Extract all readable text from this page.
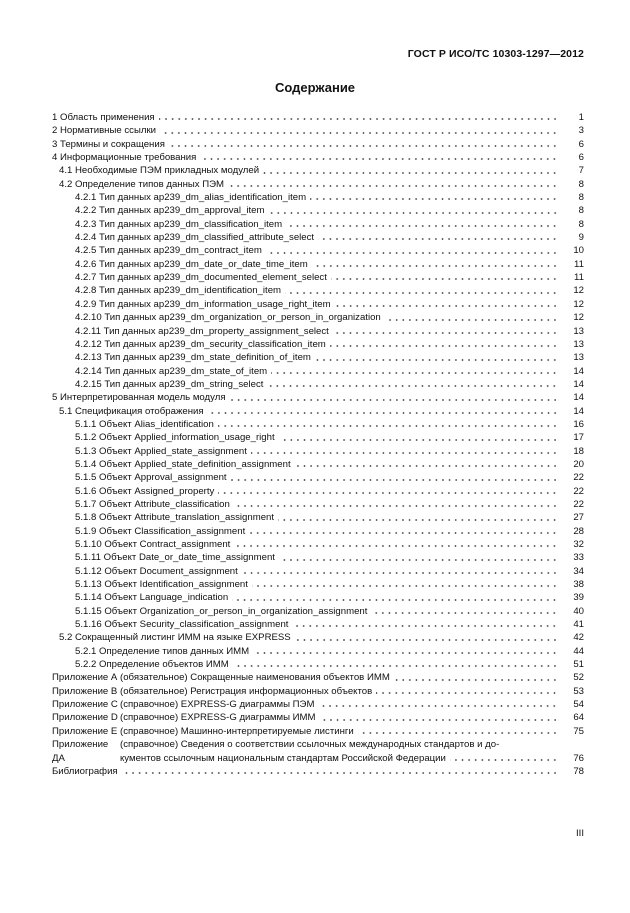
ГОСТ Р ИСО/ТС 10303-1297—2012
Содержание
1 Область применения	1
2 Нормативные ссылки	3
3 Термины и сокращения	6
4 Информационные требования	6
4.1 Необходимые ПЭМ прикладных модулей	7
4.2 Определение типов данных ПЭМ	8
4.2.1 Тип данных ap239_dm_alias_identification_item	8
4.2.2 Тип данных ap239_dm_approval_item	8
4.2.3 Тип данных ap239_dm_classification_item	8
4.2.4 Тип данных ap239_dm_classified_attribute_select	9
4.2.5 Тип данных ap239_dm_contract_item	10
4.2.6 Тип данных ap239_dm_date_or_date_time_item	11
4.2.7 Тип данных ap239_dm_documented_element_select	11
4.2.8 Тип данных ap239_dm_identification_item	12
4.2.9 Тип данных ap239_dm_information_usage_right_item	12
4.2.10 Тип данных ap239_dm_organization_or_person_in_organization	12
4.2.11 Тип данных ap239_dm_property_assignment_select	13
4.2.12 Тип данных ap239_dm_security_classification_item	13
4.2.13 Тип данных ap239_dm_state_definition_of_item	13
4.2.14 Тип данных ap239_dm_state_of_item	14
4.2.15 Тип данных ap239_dm_string_select	14
5 Интерпретированная модель модуля	14
5.1 Спецификация отображения	14
5.1.1 Объект Alias_identification	16
5.1.2 Объект Applied_information_usage_right	17
5.1.3 Объект Applied_state_assignment	18
5.1.4 Объект Applied_state_definition_assignment	20
5.1.5 Объект Approval_assignment	22
5.1.6 Объект Assigned_property	22
5.1.7 Объект Attribute_classification	22
5.1.8 Объект Attribute_translation_assignment	27
5.1.9 Объект Classification_assignment	28
5.1.10 Объект Contract_assignment	32
5.1.11 Объект Date_or_date_time_assignment	33
5.1.12 Объект Document_assignment	34
5.1.13 Объект Identification_assignment	38
5.1.14 Объект Language_indication	39
5.1.15 Объект Organization_or_person_in_organization_assignment	40
5.1.16 Объект Security_classification_assignment	41
5.2 Сокращенный листинг ИММ на языке EXPRESS	42
5.2.1 Определение типов данных ИММ	44
5.2.2 Определение объектов ИММ	51
Приложение А (обязательное) Сокращенные наименования объектов ИММ	52
Приложение В (обязательное) Регистрация информационных объектов	53
Приложение С (справочное) EXPRESS-G диаграммы ПЭМ	54
Приложение D (справочное) EXPRESS-G диаграммы ИММ	64
Приложение Е (справочное) Машинно-интерпретируемые листинги	75
Приложение ДА
(справочное) Сведения о соответствии ссылочных международных стандартов и до-
кументов ссылочным национальным стандартам Российской Федерации	76
Библиография	78
III
